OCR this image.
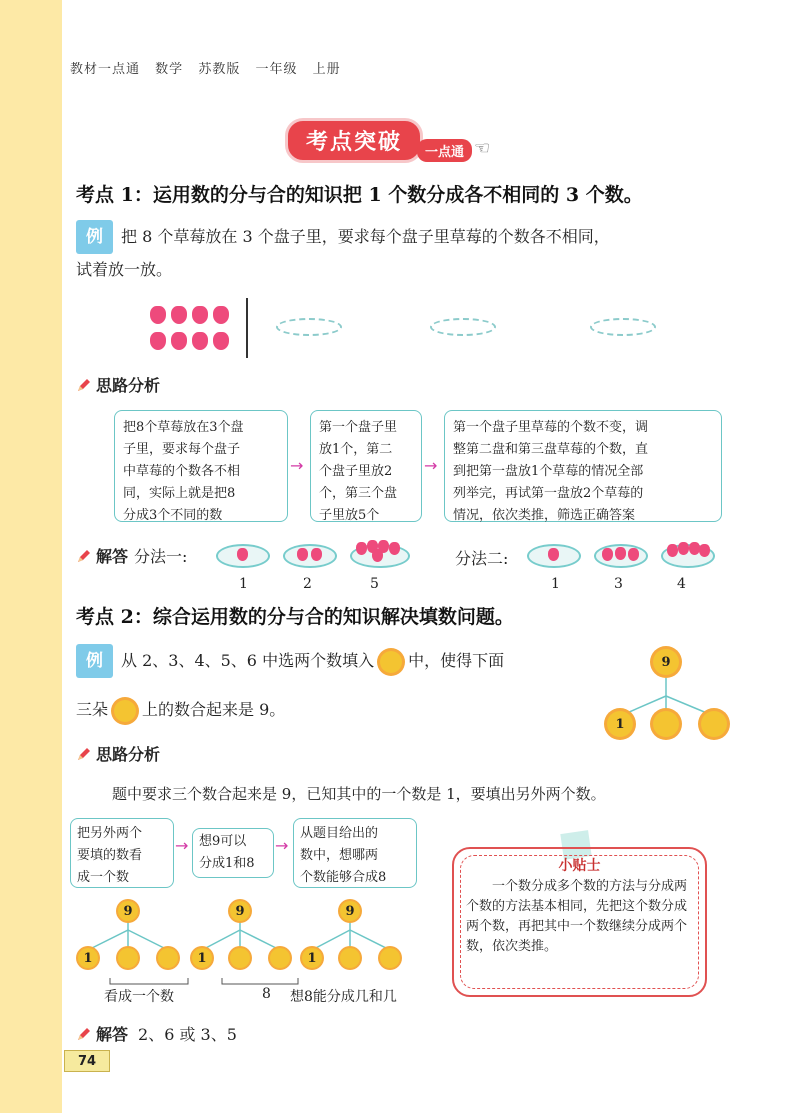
教材一点通 数学 苏教版 一年级 上册
考点突破	一点通 ☜
考点 1：运用数的分与合的知识把 1 个数分成各不相同的 3 个数。
例 把 8 个草莓放在 3 个盘子里，要求每个盘子里草莓的个数各不相同，
试着放一放。
思路分析
把8个草莓放在3个盘
子里，要求每个盘子
中草莓的个数各不相
同，实际上就是把8
分成3个不同的数
→
第一个盘子里
放1个，第二
个盘子里放2
个，第三个盘
子里放5个
→
第一个盘子里草莓的个数不变，调
整第二盘和第三盘草莓的个数，直
到把第一盘放1个草莓的情况全部
列举完，再试第一盘放2个草莓的
情况，依次类推，筛选正确答案
解答 分法一:

1	2	5
分法二:

1	3	4
考点 2：综合运用数的分与合的知识解决填数问题。
例 从 2、3、4、5、6 中选两个数填入 中，使得下面
三朵 上的数合起来是 9。
9
1
思路分析
题中要求三个数合起来是 9，已知其中的一个数是 1，要填出另外两个数。
把另外两个
要填的数看
成一个数
→ 想9可以
分成1和8
→
从题目给出的
数中，想哪两
个数能够合成8
9
1
9
1
9
1
看成一个数	8 想8能分成几和几
小贴士
一个数分成多个数的方法与分成两个数的方法基本相同，先把这个数分成两个数，再把其中一个数继续分成两个数，依次类推。
解答 2、6 或 3、5
74
